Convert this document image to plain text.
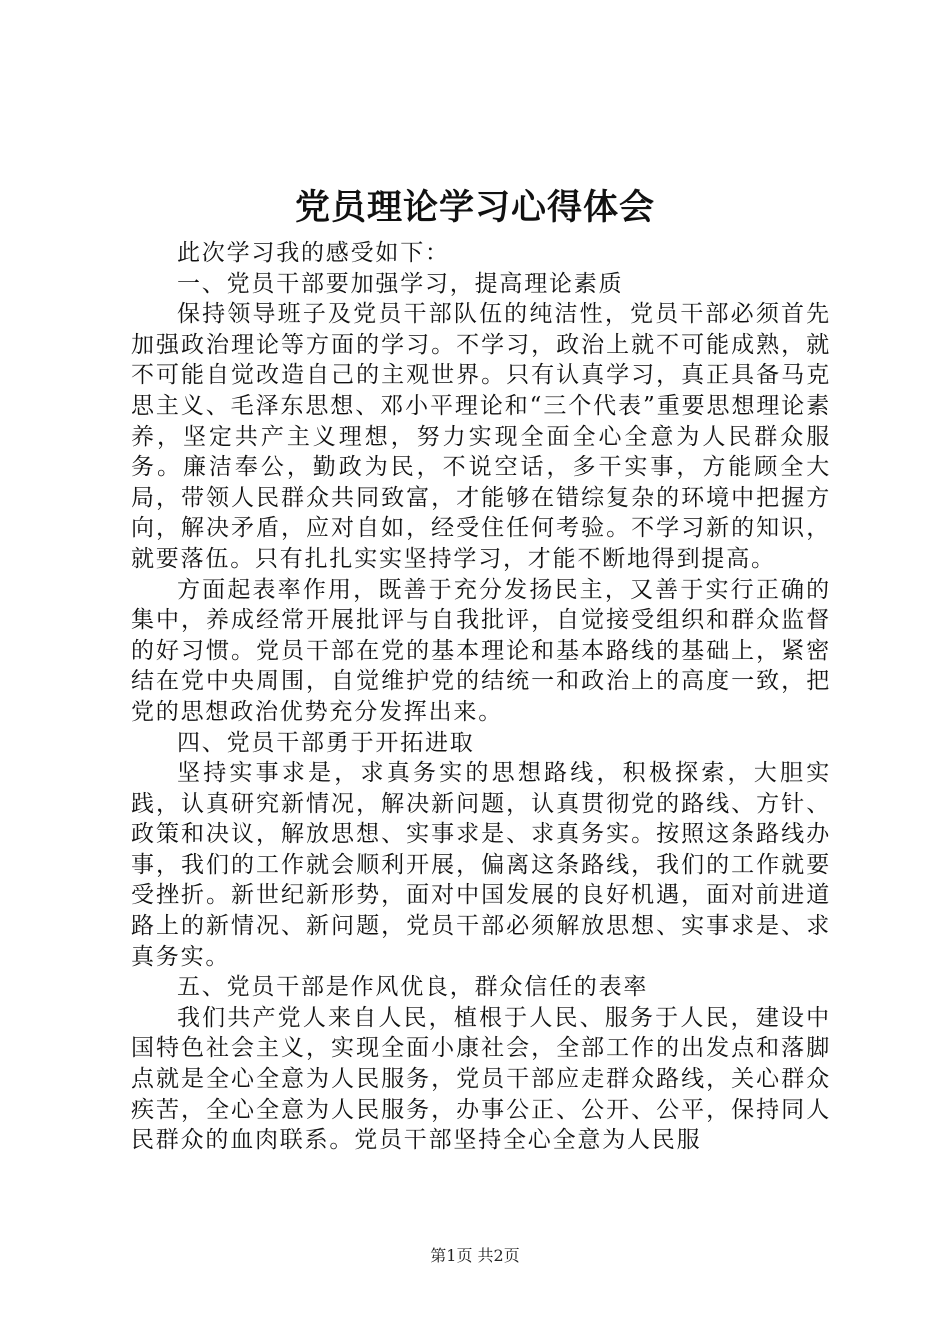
党员理论学习心得体会

此次学习我的感受如下：

一、党员干部要加强学习，提高理论素质

保持领导班子及党员干部队伍的纯洁性，党员干部必须首先加强政治理论等方面的学习。不学习，政治上就不可能成熟，就不可能自觉改造自己的主观世界。只有认真学习，真正具备马克思主义、毛泽东思想、邓小平理论和“三个代表”重要思想理论素养，坚定共产主义理想，努力实现全面全心全意为人民群众服务。廉洁奉公，勤政为民，不说空话，多干实事，方能顾全大局，带领人民群众共同致富，才能够在错综复杂的环境中把握方向，解决矛盾，应对自如，经受住任何考验。不学习新的知识，就要落伍。只有扎扎实实坚持学习，才能不断地得到提高。

方面起表率作用，既善于充分发扬民主，又善于实行正确的集中，养成经常开展批评与自我批评，自觉接受组织和群众监督的好习惯。党员干部在党的基本理论和基本路线的基础上，紧密结在党中央周围，自觉维护党的结统一和政治上的高度一致，把党的思想政治优势充分发挥出来。

四、党员干部勇于开拓进取

坚持实事求是，求真务实的思想路线，积极探索，大胆实践，认真研究新情况，解决新问题，认真贯彻党的路线、方针、政策和决议，解放思想、实事求是、求真务实。按照这条路线办事，我们的工作就会顺利开展，偏离这条路线，我们的工作就要受挫折。新世纪新形势，面对中国发展的良好机遇，面对前进道路上的新情况、新问题，党员干部必须解放思想、实事求是、求真务实。

五、党员干部是作风优良，群众信任的表率

我们共产党人来自人民，植根于人民、服务于人民，建设中国特色社会主义，实现全面小康社会，全部工作的出发点和落脚点就是全心全意为人民服务，党员干部应走群众路线，关心群众疾苦，全心全意为人民服务，办事公正、公开、公平，保持同人民群众的血肉联系。党员干部坚持全心全意为人民服

第1页 共2页
